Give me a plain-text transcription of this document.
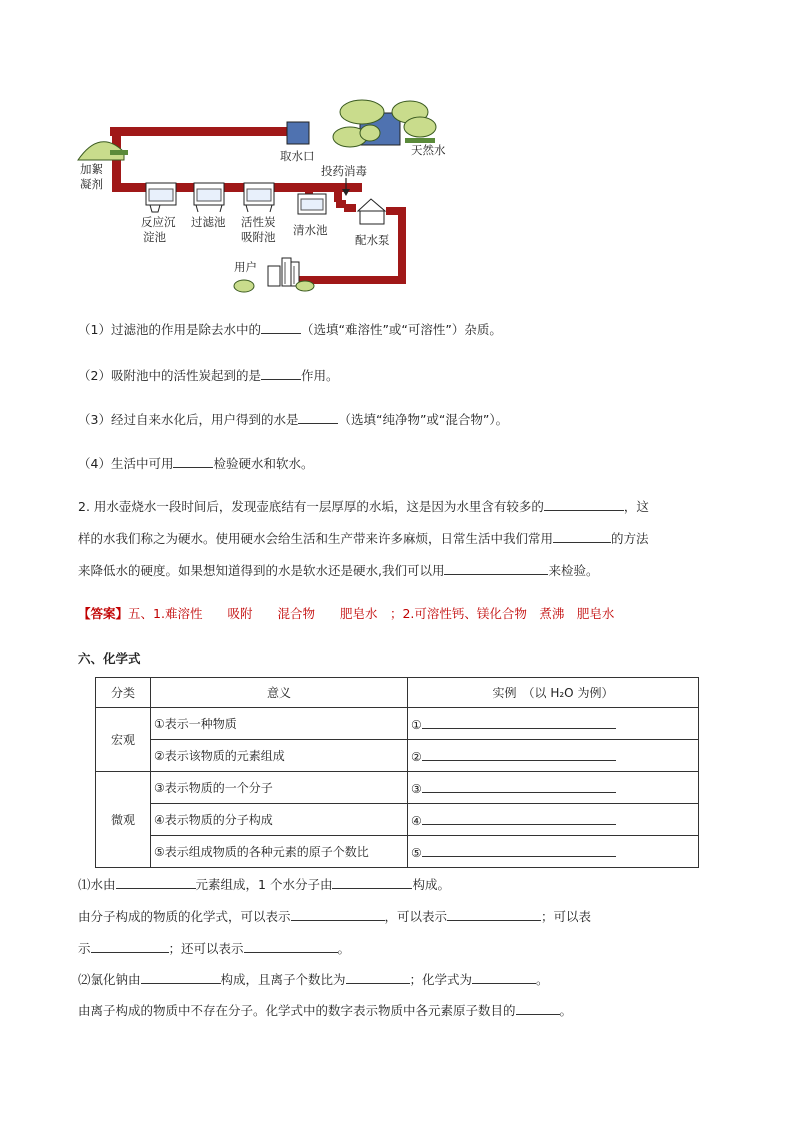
天然水
取水口
加絮
凝剂
投药消毒
反应沉
淀池
过滤池 活性炭
吸附池 清水池
配水泵
用户
（1）过滤池的作用是除去水中的	（选填“难溶性”或“可溶性”）杂质。
（2）吸附池中的活性炭起到的是	作用。
（3）经过自来水化后，用户得到的水是	（选填“纯净物”或“混合物”）。
（4）生活中可用	检验硬水和软水。
2. 用水壶烧水一段时间后，发现壶底结有一层厚厚的水垢，这是因为水里含有较多的	，这
样的水我们称之为硬水。使用硬水会给生活和生产带来许多麻烦，日常生活中我们常用	的方法
来降低水的硬度。如果想知道得到的水是软水还是硬水,我们可以用	来检验。
【答案】五、1.难溶性　　吸附　　混合物　　肥皂水　；2.可溶性钙、镁化合物　煮沸　肥皂水
六、化学式
分类	意义	实例　（以 H₂O 为例）
宏观	①表示一种物质	①
	②表示该物质的元素组成	②
微观	③表示物质的一个分子	③
	④表示物质的分子构成	④
	⑤表示组成物质的各种元素的原子个数比	⑤
⑴水由	元素组成，1 个水分子由	构成。
由分子构成的物质的化学式，可以表示	，可以表示	；可以表
示	；还可以表示	。
⑵氯化钠由	构成，且离子个数比为	；化学式为	。
由离子构成的物质中不存在分子。化学式中的数字表示物质中各元素原子数目的	。
